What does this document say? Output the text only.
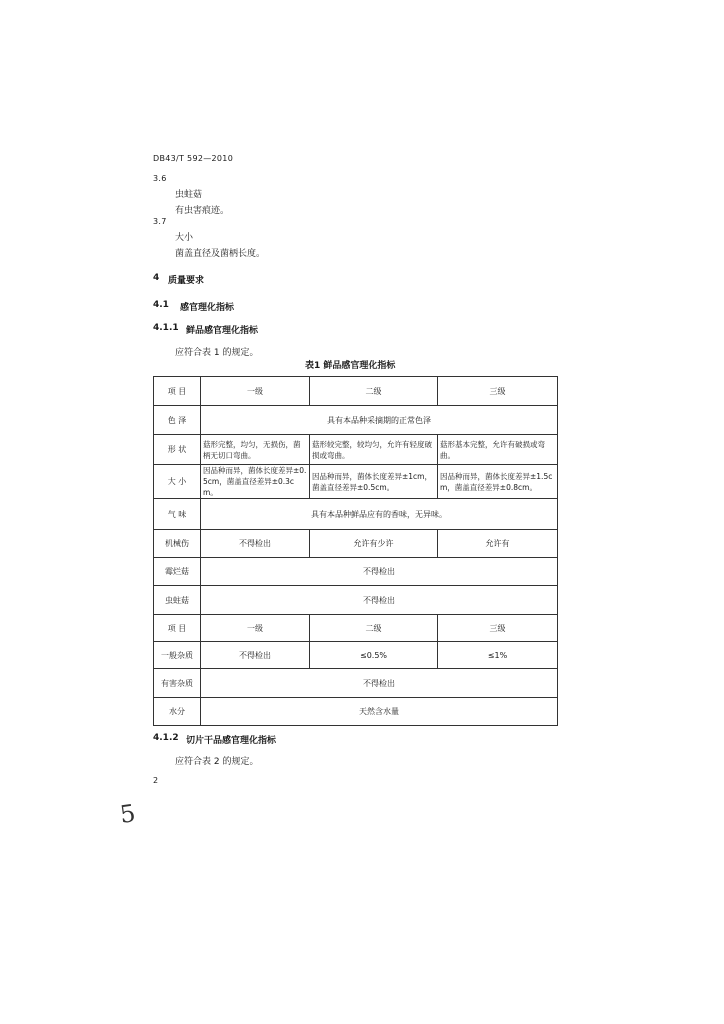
DB43/T 592—2010
3.6
虫蛀菇
有虫害痕迹。
3.7
大小
菌盖直径及菌柄长度。
4 质量要求
4.1 感官理化指标
4.1.1 鲜品感官理化指标
应符合表 1 的规定。
表1 鲜品感官理化指标
项 目	一级	二级	三级
色 泽	具有本品种采摘期的正常色泽		
形 状	菇形完整，均匀，无损伤，菌柄无切口弯曲。	菇形较完整，较均匀，允许有轻度破损或弯曲。	菇形基本完整，允许有破损或弯曲。
大 小	因品种而异，菌体长度差异±0.5cm，菌盖直径差异±0.3cm。	因品种而异，菌体长度差异±1cm，菌盖直径差异±0.5cm。	因品种而异，菌体长度差异±1.5cm，菌盖直径差异±0.8cm。
气 味	具有本品种鲜品应有的香味，无异味。		
机械伤	不得检出	允许有少许	允许有
霉烂菇	不得检出		
虫蛀菇	不得检出		
项 目	一级	二级	三级
一般杂质	不得检出	≤0.5%	≤1%
有害杂质	不得检出		
水分	天然含水量		
4.1.2 切片干品感官理化指标
应符合表 2 的规定。
2
5
